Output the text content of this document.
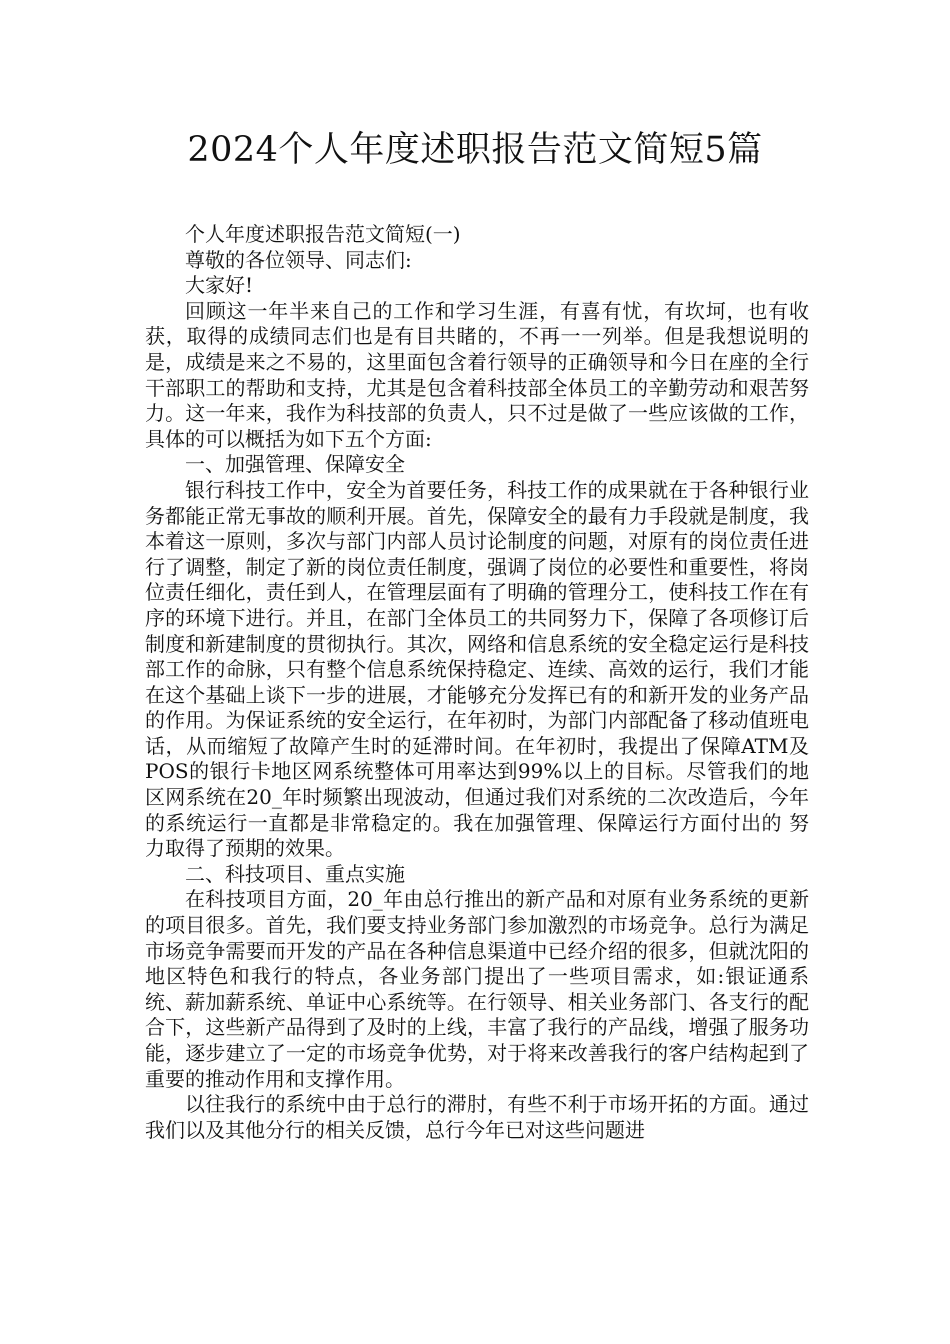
2024个人年度述职报告范文简短5篇

个人年度述职报告范文简短(一)

尊敬的各位领导、同志们:

大家好!

回顾这一年半来自己的工作和学习生涯，有喜有忧，有坎坷，也有收获，取得的成绩同志们也是有目共睹的，不再一一列举。但是我想说明的是，成绩是来之不易的，这里面包含着行领导的正确领导和今日在座的全行干部职工的帮助和支持，尤其是包含着科技部全体员工的辛勤劳动和艰苦努力。这一年来，我作为科技部的负责人，只不过是做了一些应该做的工作，具体的可以概括为如下五个方面:

一、加强管理、保障安全

银行科技工作中，安全为首要任务，科技工作的成果就在于各种银行业务都能正常无事故的顺利开展。首先，保障安全的最有力手段就是制度，我本着这一原则，多次与部门内部人员讨论制度的问题，对原有的岗位责任进行了调整，制定了新的岗位责任制度，强调了岗位的必要性和重要性，将岗位责任细化，责任到人，在管理层面有了明确的管理分工，使科技工作在有序的环境下进行。并且，在部门全体员工的共同努力下，保障了各项修订后制度和新建制度的贯彻执行。其次，网络和信息系统的安全稳定运行是科技部工作的命脉，只有整个信息系统保持稳定、连续、高效的运行，我们才能在这个基础上谈下一步的进展，才能够充分发挥已有的和新开发的业务产品的作用。为保证系统的安全运行，在年初时，为部门内部配备了移动值班电话，从而缩短了故障产生时的延滞时间。在年初时，我提出了保障ATM及POS的银行卡地区网系统整体可用率达到99%以上的目标。尽管我们的地区网系统在20_年时频繁出现波动，但通过我们对系统的二次改造后，今年的系统运行一直都是非常稳定的。我在加强管理、保障运行方面付出的 努力取得了预期的效果。

二、科技项目、重点实施

在科技项目方面，20_年由总行推出的新产品和对原有业务系统的更新的项目很多。首先，我们要支持业务部门参加激烈的市场竞争。总行为满足市场竞争需要而开发的产品在各种信息渠道中已经介绍的很多，但就沈阳的地区特色和我行的特点，各业务部门提出了一些项目需求，如:银证通系统、薪加薪系统、单证中心系统等。在行领导、相关业务部门、各支行的配合下，这些新产品得到了及时的上线，丰富了我行的产品线，增强了服务功能，逐步建立了一定的市场竞争优势，对于将来改善我行的客户结构起到了重要的推动作用和支撑作用。

以往我行的系统中由于总行的滞肘，有些不利于市场开拓的方面。通过我们以及其他分行的相关反馈，总行今年已对这些问题进
